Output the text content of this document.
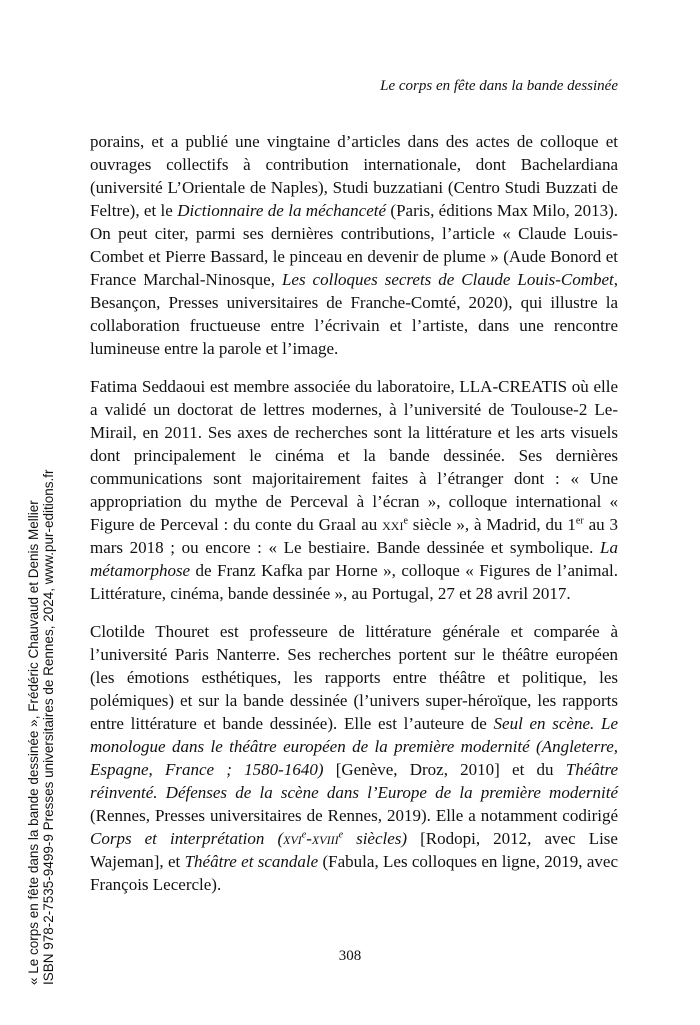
Le corps en fête dans la bande dessinée

porains, et a publié une vingtaine d’articles dans des actes de colloque et ouvrages collectifs à contribution internationale, dont Bachelardiana (université L’Orientale de Naples), Studi buzzatiani (Centro Studi Buzzati de Feltre), et le Dictionnaire de la méchanceté (Paris, éditions Max Milo, 2013). On peut citer, parmi ses dernières contributions, l’article « Claude Louis-Combet et Pierre Bassard, le pinceau en devenir de plume » (Aude Bonord et France Marchal-Ninosque, Les colloques secrets de Claude Louis-Combet, Besançon, Presses universitaires de Franche-Comté, 2020), qui illustre la collaboration fructueuse entre l’écrivain et l’artiste, dans une rencontre lumineuse entre la parole et l’image.

Fatima Seddaoui est membre associée du laboratoire, LLA-CREATIS où elle a validé un doctorat de lettres modernes, à l’université de Toulouse-2 Le-Mirail, en 2011. Ses axes de recherches sont la littérature et les arts visuels dont principalement le cinéma et la bande dessinée. Ses dernières communications sont majoritairement faites à l’étranger dont : « Une appropriation du mythe de Perceval à l’écran », colloque international « Figure de Perceval : du conte du Graal au xxi$^e$ siècle », à Madrid, du 1er au 3 mars 2018 ; ou encore : « Le bestiaire. Bande dessinée et symbolique. La métamorphose de Franz Kafka par Horne », colloque « Figures de l’animal. Littérature, cinéma, bande dessinée », au Portugal, 27 et 28 avril 2017.

Clotilde Thouret est professeure de littérature générale et comparée à l’université Paris Nanterre. Ses recherches portent sur le théâtre européen (les émotions esthétiques, les rapports entre théâtre et politique, les polémiques) et sur la bande dessinée (l’univers super-héroïque, les rapports entre littérature et bande dessinée). Elle est l’auteure de Seul en scène. Le monologue dans le théâtre européen de la première modernité (Angleterre, Espagne, France ; 1580-1640) [Genève, Droz, 2010] et du Théâtre réinventé. Défenses de la scène dans l’Europe de la première modernité (Rennes, Presses universitaires de Rennes, 2019). Elle a notamment codirigé Corps et interprétation (xvi$^e$-xviii$^e$ siècles) [Rodopi, 2012, avec Lise Wajeman], et Théâtre et scandale (Fabula, Les colloques en ligne, 2019, avec François Lecercle).

308
« Le corps en fête dans la bande dessinée », Frédéric Chauvaud et Denis Mellier ISBN 978-2-7535-9499-9 Presses universitaires de Rennes, 2024, www.pur-editions.fr
